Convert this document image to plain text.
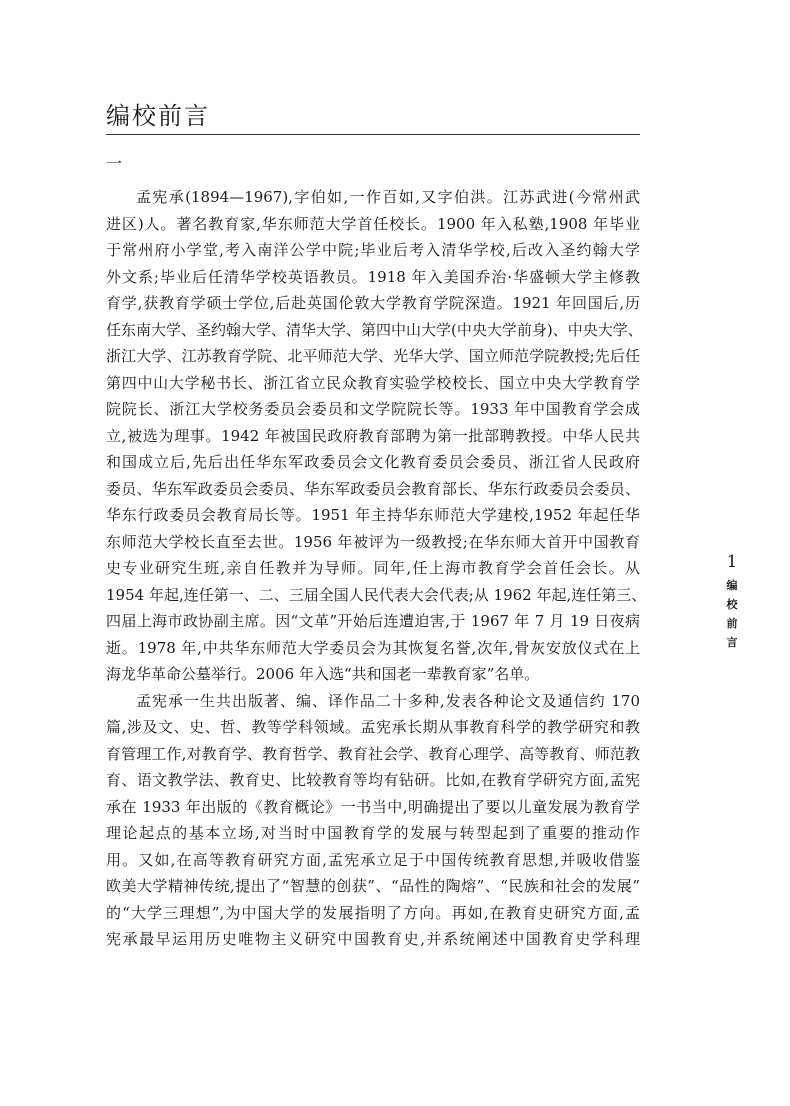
编校前言
一
孟宪承(1894—1967),字伯如,一作百如,又字伯洪。江苏武进(今常州武
进区)人。著名教育家,华东师范大学首任校长。1900 年入私塾,1908 年毕业
于常州府小学堂,考入南洋公学中院;毕业后考入清华学校,后改入圣约翰大学
外文系;毕业后任清华学校英语教员。1918 年入美国乔治·华盛顿大学主修教
育学,获教育学硕士学位,后赴英国伦敦大学教育学院深造。1921 年回国后,历
任东南大学、圣约翰大学、清华大学、第四中山大学(中央大学前身)、中央大学、
浙江大学、江苏教育学院、北平师范大学、光华大学、国立师范学院教授;先后任
第四中山大学秘书长、浙江省立民众教育实验学校校长、国立中央大学教育学
院院长、浙江大学校务委员会委员和文学院院长等。1933 年中国教育学会成
立,被选为理事。1942 年被国民政府教育部聘为第一批部聘教授。中华人民共
和国成立后,先后出任华东军政委员会文化教育委员会委员、浙江省人民政府
委员、华东军政委员会委员、华东军政委员会教育部长、华东行政委员会委员、
华东行政委员会教育局长等。1951 年主持华东师范大学建校,1952 年起任华
东师范大学校长直至去世。1956 年被评为一级教授;在华东师大首开中国教育
史专业研究生班,亲自任教并为导师。同年,任上海市教育学会首任会长。从
1954 年起,连任第一、二、三届全国人民代表大会代表;从 1962 年起,连任第三、
四届上海市政协副主席。因“文革”开始后连遭迫害,于 1967 年 7 月 19 日夜病
逝。1978 年,中共华东师范大学委员会为其恢复名誉,次年,骨灰安放仪式在上
海龙华革命公墓举行。2006 年入选“共和国老一辈教育家”名单。
孟宪承一生共出版著、编、译作品二十多种,发表各种论文及通信约 170
篇,涉及文、史、哲、教等学科领域。孟宪承长期从事教育科学的教学研究和教
育管理工作,对教育学、教育哲学、教育社会学、教育心理学、高等教育、师范教
育、语文教学法、教育史、比较教育等均有钻研。比如,在教育学研究方面,孟宪
承在 1933 年出版的《教育概论》一书当中,明确提出了要以儿童发展为教育学
理论起点的基本立场,对当时中国教育学的发展与转型起到了重要的推动作
用。又如,在高等教育研究方面,孟宪承立足于中国传统教育思想,并吸收借鉴
欧美大学精神传统,提出了“智慧的创获”、“品性的陶熔”、“民族和社会的发展”
的“大学三理想”,为中国大学的发展指明了方向。再如,在教育史研究方面,孟
宪承最早运用历史唯物主义研究中国教育史,并系统阐述中国教育史学科理
1
编
校
前
言
